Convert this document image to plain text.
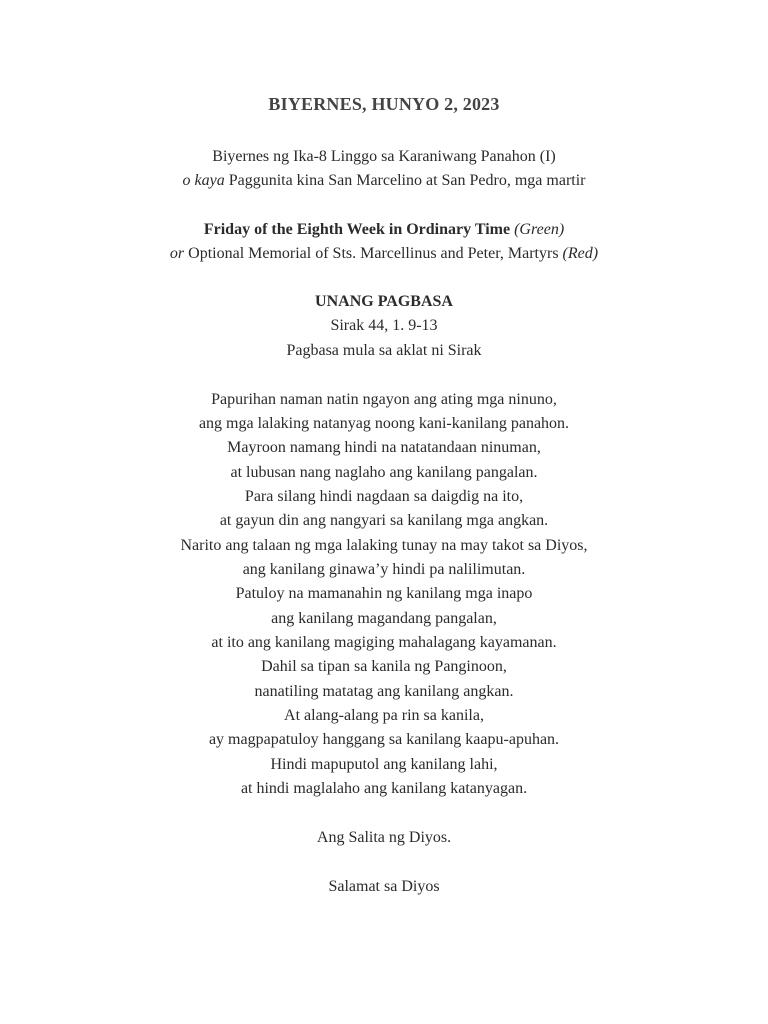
BIYERNES, HUNYO 2, 2023
Biyernes ng Ika-8 Linggo sa Karaniwang Panahon (I)
o kaya Paggunita kina San Marcelino at San Pedro, mga martir
Friday of the Eighth Week in Ordinary Time (Green)
or Optional Memorial of Sts. Marcellinus and Peter, Martyrs (Red)
UNANG PAGBASA
Sirak 44, 1. 9-13
Pagbasa mula sa aklat ni Sirak
Papurihan naman natin ngayon ang ating mga ninuno,
ang mga lalaking natanyag noong kani-kanilang panahon.
Mayroon namang hindi na natatandaan ninuman,
at lubusan nang naglaho ang kanilang pangalan.
Para silang hindi nagdaan sa daigdig na ito,
at gayun din ang nangyari sa kanilang mga angkan.
Narito ang talaan ng mga lalaking tunay na may takot sa Diyos,
ang kanilang ginawa’y hindi pa nalilimutan.
Patuloy na mamanahin ng kanilang mga inapo
ang kanilang magandang pangalan,
at ito ang kanilang magiging mahalagang kayamanan.
Dahil sa tipan sa kanila ng Panginoon,
nanatiling matatag ang kanilang angkan.
At alang-alang pa rin sa kanila,
ay magpapatuloy hanggang sa kanilang kaapu-apuhan.
Hindi mapuputol ang kanilang lahi,
at hindi maglalaho ang kanilang katanyagan.
Ang Salita ng Diyos.
Salamat sa Diyos
